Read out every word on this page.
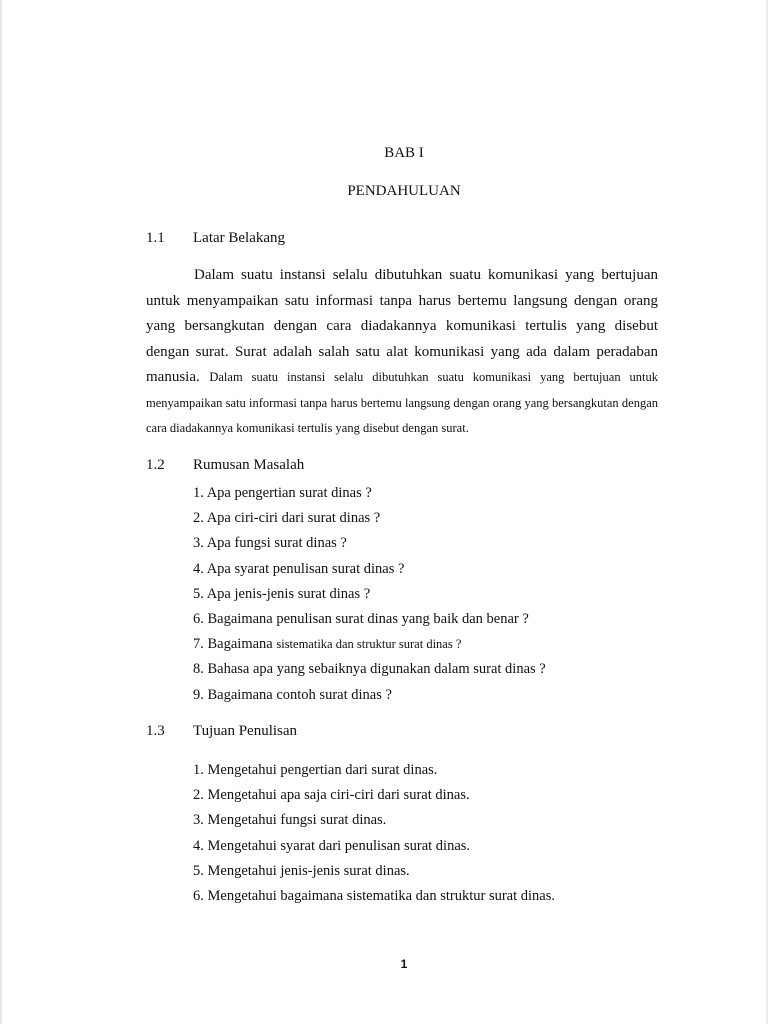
BAB I
PENDAHULUAN
1.1 Latar Belakang
Dalam suatu instansi selalu dibutuhkan suatu komunikasi yang bertujuan untuk menyampaikan satu informasi tanpa harus bertemu langsung dengan orang yang bersangkutan dengan cara diadakannya komunikasi tertulis yang disebut dengan surat. Surat adalah salah satu alat komunikasi yang ada dalam peradaban manusia. Dalam suatu instansi selalu dibutuhkan suatu komunikasi yang bertujuan untuk menyampaikan satu informasi tanpa harus bertemu langsung dengan orang yang bersangkutan dengan cara diadakannya komunikasi tertulis yang disebut dengan surat.
1.2 Rumusan Masalah
1. Apa pengertian surat dinas ?
2. Apa ciri-ciri dari surat dinas ?
3. Apa fungsi surat dinas ?
4. Apa syarat penulisan surat dinas ?
5. Apa jenis-jenis surat dinas ?
6. Bagaimana penulisan surat dinas yang baik dan benar ?
7. Bagaimana sistematika dan struktur surat dinas ?
8. Bahasa apa yang sebaiknya digunakan dalam surat dinas ?
9. Bagaimana contoh surat dinas ?
1.3 Tujuan Penulisan
1. Mengetahui pengertian dari surat dinas.
2. Mengetahui apa saja ciri-ciri dari surat dinas.
3. Mengetahui fungsi surat dinas.
4. Mengetahui syarat dari penulisan surat dinas.
5. Mengetahui jenis-jenis surat dinas.
6. Mengetahui bagaimana sistematika dan struktur surat dinas.
1
